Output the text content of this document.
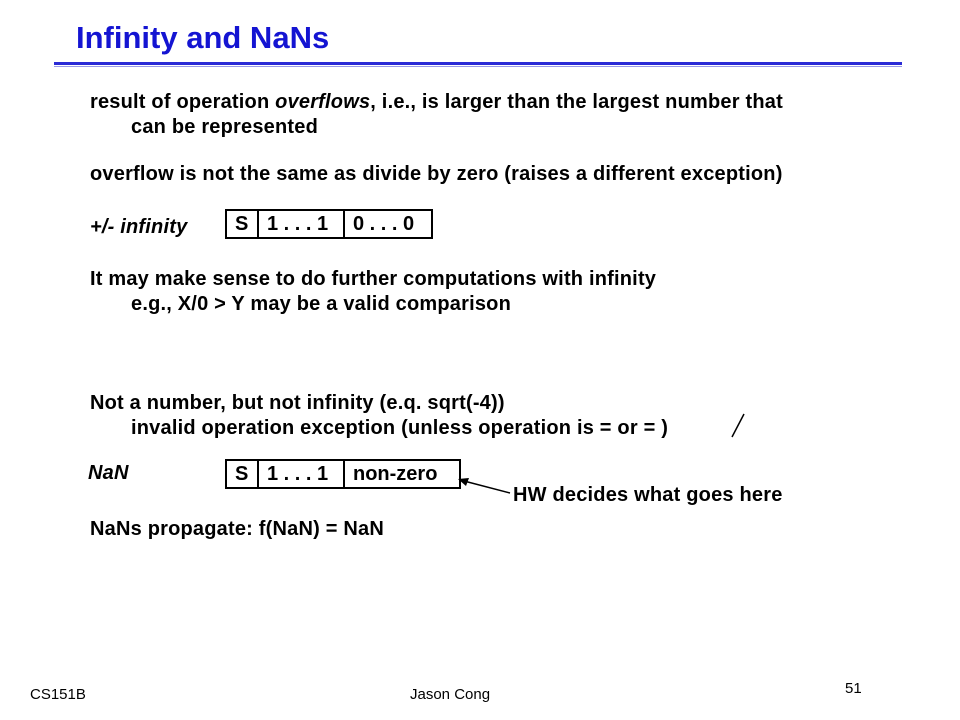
Infinity and NaNs
result of operation overflows, i.e., is larger than the largest number that
can be represented
overflow is not the same as divide by zero (raises a different exception)
+/- infinity	S 1 . . . 1	0 . . . 0
It may make sense to do further computations with infinity
e.g., X/0 > Y may be a valid comparison
Not a number, but not infinity (e.q. sqrt(-4))
invalid operation exception (unless operation is = or = )
NaN	S 1 . . . 1	non-zero
HW decides what goes here
NaNs propagate: f(NaN) = NaN
CS151B	Jason Cong	51
